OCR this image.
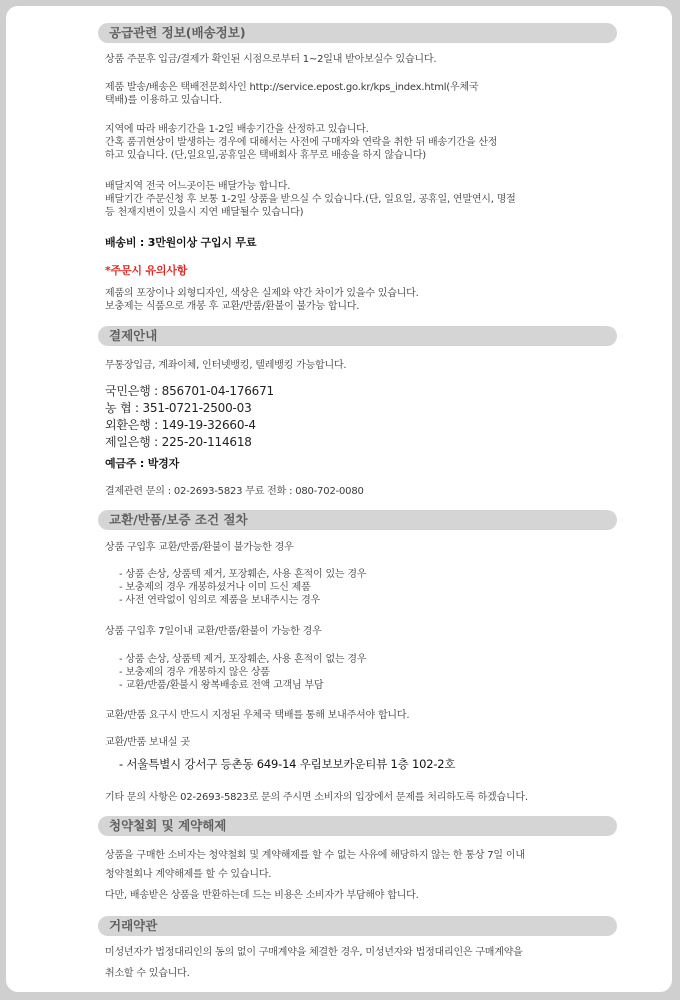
공급관련 정보(배송정보)
상품 주문후 입금/결제가 확인된 시점으로부터 1~2일내 받아보실수 있습니다.
제품 발송/배송은 택배전문회사인 http://service.epost.go.kr/kps_index.html(우체국
택배)를 이용하고 있습니다.
지역에 따라 배송기간을 1-2일 배송기간을 산정하고 있습니다.
간혹 품귀현상이 발생하는 경우에 대해서는 사전에 구매자와 연락을 취한 뒤 배송기간을 산정
하고 있습니다. (단,일요일,공휴일은 택배회사 휴무로 배송을 하지 않습니다)
배달지역 전국 어느곳이든 배달가능 합니다.
배달기간 주문신청 후 보통 1-2일 상품을 받으실 수 있습니다.(단, 일요일, 공휴일, 연말연시, 명절
등 천재지변이 있을시 지연 배달될수 있습니다)
배송비 : 3만원이상 구입시 무료
*주문시 유의사항
제품의 포장이나 외형디자인, 색상은 실제와 약간 차이가 있을수 있습니다.
보충제는 식품으로 개봉 후 교환/반품/환불이 불가능 합니다.
결제안내
무통장입금, 계좌이체, 인터넷뱅킹, 텔레뱅킹 가능합니다.
국민은행 : 856701-04-176671
농 협 : 351-0721-2500-03
외환은행 : 149-19-32660-4
제일은행 : 225-20-114618
예금주 : 박경자
결제관련 문의 : 02-2693-5823 무료 전화 : 080-702-0080
교환/반품/보증 조건 절차
상품 구입후 교환/반품/환불이 불가능한 경우
- 상품 손상, 상품텍 제거, 포장훼손, 사용 흔적이 있는 경우
- 보충제의 경우 개봉하셨거나 이미 드신 제품
- 사전 연락없이 임의로 제품을 보내주시는 경우
상품 구입후 7일이내 교환/반품/환불이 가능한 경우
- 상품 손상, 상품텍 제거, 포장훼손, 사용 흔적이 없는 경우
- 보충제의 경우 개봉하지 않은 상품
- 교환/반품/환불시 왕복배송료 전액 고객님 부담
교환/반품 요구시 반드시 지정된 우체국 택배를 통해 보내주셔야 합니다.
교환/반품 보내실 곳
- 서울특별시 강서구 등촌동 649-14 우림보보카운티뷰 1층 102-2호
기타 문의 사항은 02-2693-5823로 문의 주시면 소비자의 입장에서 문제를 처리하도록 하겠습니다.
청약철회 및 계약해제
상품을 구매한 소비자는 청약철회 및 계약해제를 할 수 없는 사유에 해당하지 않는 한 통상 7일 이내
청약철회나 계약해제를 할 수 있습니다.
다만, 배송받은 상품을 반환하는데 드는 비용은 소비자가 부담해야 합니다.
거래약관
미성년자가 법정대리인의 동의 없이 구매계약을 체결한 경우, 미성년자와 법정대리인은 구매계약을
취소할 수 있습니다.
